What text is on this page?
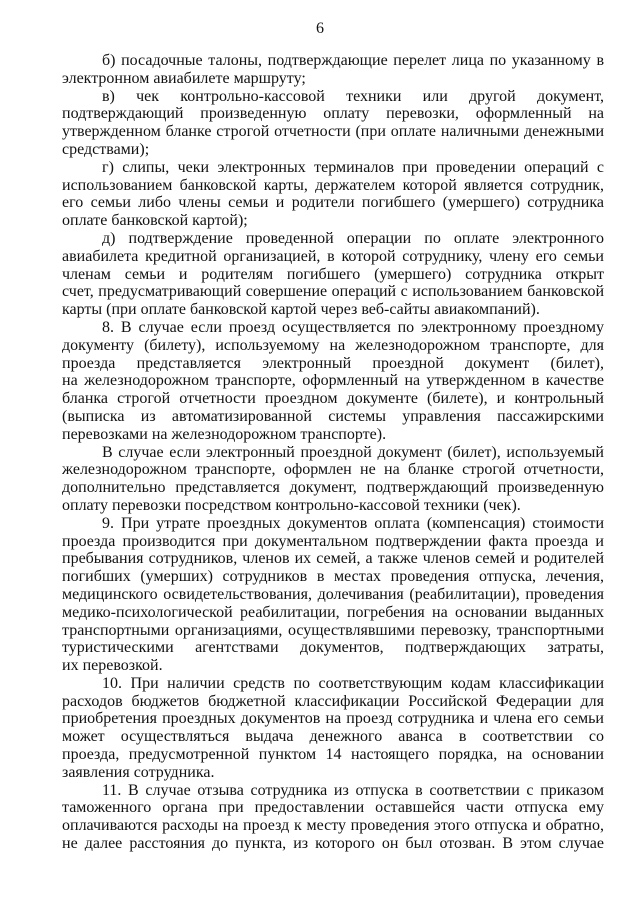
6
б) посадочные талоны, подтверждающие перелет лица по указанному в
электронном авиабилете маршруту;
в) чек контрольно-кассовой техники или другой документ,
подтверждающий произведенную оплату перевозки, оформленный на
утвержденном бланке строгой отчетности (при оплате наличными денежными
средствами);
г) слипы, чеки электронных терминалов при проведении операций с
использованием банковской карты, держателем которой является сотрудник,
его семьи либо члены семьи и родители погибшего (умершего) сотрудника
оплате банковской картой);
д) подтверждение проведенной операции по оплате электронного
авиабилета кредитной организацией, в которой сотруднику, члену его семьи
членам семьи и родителям погибшего (умершего) сотрудника открыт
счет, предусматривающий совершение операций с использованием банковской
карты (при оплате банковской картой через веб-сайты авиакомпаний).
8. В случае если проезд осуществляется по электронному проездному
документу (билету), используемому на железнодорожном транспорте, для
проезда представляется электронный проездной документ (билет),
на железнодорожном транспорте, оформленный на утвержденном в качестве
бланка строгой отчетности проездном документе (билете), и контрольный
(выписка из автоматизированной системы управления пассажирскими
перевозками на железнодорожном транспорте).
В случае если электронный проездной документ (билет), используемый
железнодорожном транспорте, оформлен не на бланке строгой отчетности,
дополнительно представляется документ, подтверждающий произведенную
оплату перевозки посредством контрольно-кассовой техники (чек).
9. При утрате проездных документов оплата (компенсация) стоимости
проезда производится при документальном подтверждении факта проезда и
пребывания сотрудников, членов их семей, а также членов семей и родителей
погибших (умерших) сотрудников в местах проведения отпуска, лечения,
медицинского освидетельствования, долечивания (реабилитации), проведения
медико-психологической реабилитации, погребения на основании выданных
транспортными организациями, осуществлявшими перевозку, транспортными
туристическими агентствами документов, подтверждающих затраты,
их перевозкой.
10. При наличии средств по соответствующим кодам классификации
расходов бюджетов бюджетной классификации Российской Федерации для
приобретения проездных документов на проезд сотрудника и члена его семьи
может осуществляться выдача денежного аванса в соответствии со
проезда, предусмотренной пунктом 14 настоящего порядка, на основании
заявления сотрудника.
11. В случае отзыва сотрудника из отпуска в соответствии с приказом
таможенного органа при предоставлении оставшейся части отпуска ему
оплачиваются расходы на проезд к месту проведения этого отпуска и обратно,
не далее расстояния до пункта, из которого он был отозван. В этом случае
